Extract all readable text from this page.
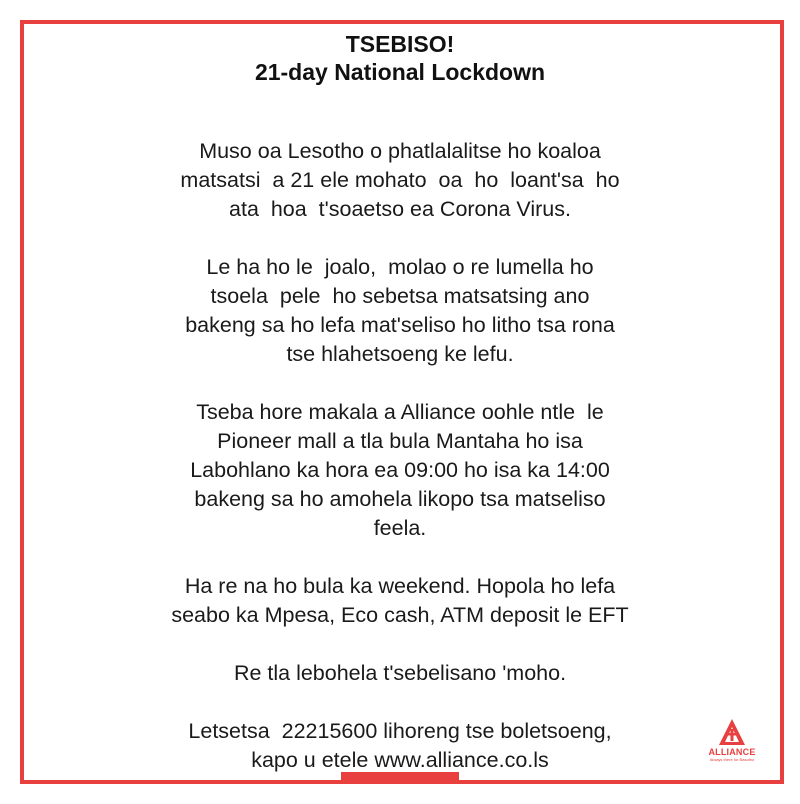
TSEBISO!
21-day National Lockdown
Muso oa Lesotho o phatlalalitse ho koaloa
matsatsi  a 21 ele mohato  oa  ho  loant'sa  ho
ata  hoa  t'soaetso ea Corona Virus.
Le ha ho le  joalo,  molao o re lumella ho
tsoela  pele  ho sebetsa matsatsing ano
bakeng sa ho lefa mat'seliso ho litho tsa rona
tse hlahetsoeng ke lefu.
Tseba hore makala a Alliance oohle ntle  le
Pioneer mall a tla bula Mantaha ho isa
Labohlano ka hora ea 09:00 ho isa ka 14:00
bakeng sa ho amohela likopo tsa matseliso
feela.
Ha re na ho bula ka weekend. Hopola ho lefa
seabo ka Mpesa, Eco cash, ATM deposit le EFT
Re tla lebohela t'sebelisano 'moho.
Letsetsa  22215600 lihoreng tse boletsoeng,
kapo u etele www.alliance.co.ls	ALLIANCE
Always there for Basotho
